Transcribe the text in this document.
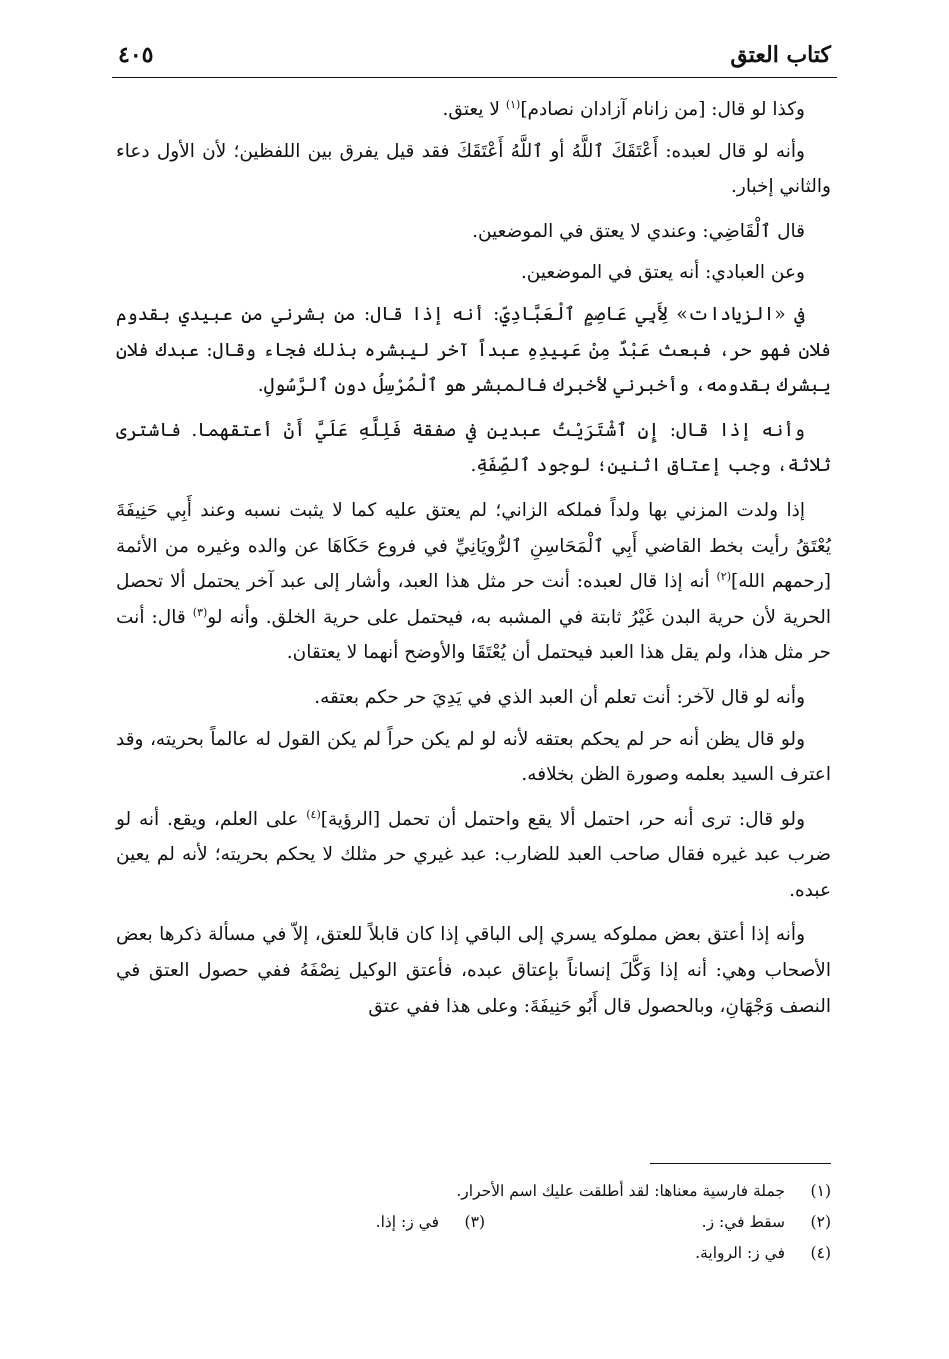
كتاب العتق
٤٠٥

وكذا لو قال: [من زانام آزادان نصادم]$^{(١)}$ لا يعتق.

وأنه لو قال لعبده: أَعْتَقَكَ ٱللَّهُ أو ٱللَّهُ أَعْتَقَكَ فقد قيل يفرق بين اللفظين؛ لأن الأول دعاء والثاني إخبار.

قال ٱلْقَاضِي: وعندي لا يعتق في الموضعين.

وعن العبادي: أنه يعتق في الموضعين.

في «الزيادات» لِأَبِي عَاصِمٍ ٱلْعَبَّادِيِّ: أنه إذا قال: من بشرني من عبيدي بقدوم فلان فهو حر، فبعث عَبْدٌ مِنْ عَبِيدِهِ عبداً آخر ليبشره بذلك فجاء وقال: عبدك فلان يبشرك بقدومه، وأخبرني لأخبرك فالمبشر هو ٱلْمُرْسِلُ دون ٱلرَّسُولِ.

وأنه إذا قال: إِنِ ٱشْتَرَيْتُ عبدين في صفقة فَلِلَّهِ عَلَيَّ أَنْ أعتقهما. فاشترى ثلاثة، وجب إعتاق اثنين؛ لوجود ٱلصِّفَةِ.

إذا ولدت المزني بها ولداً فملكه الزاني؛ لم يعتق عليه كما لا يثبت نسبه وعند أَبِي حَنِيفَةَ يُعْتَقُ رأيت بخط القاضي أَبِي ٱلْمَحَاسِنِ ٱلرُّويَانِيِّ في فروع حَكَاهَا عن والده وغيره من الأئمة [رحمهم الله]$^{(٢)}$ أنه إذا قال لعبده: أنت حر مثل هذا العبد، وأشار إلى عبد آخر يحتمل ألا تحصل الحرية لأن حرية البدن غَيْرُ ثابتة في المشبه به، فيحتمل على حرية الخلق. وأنه لو$^{(٣)}$ قال: أنت حر مثل هذا، ولم يقل هذا العبد فيحتمل أن يُعْتَقَا والأوضح أنهما لا يعتقان.

وأنه لو قال لآخر: أنت تعلم أن العبد الذي في يَدِيَ حر حكم بعتقه.

ولو قال يظن أنه حر لم يحكم بعتقه لأنه لو لم يكن حراً لم يكن القول له عالماً بحريته، وقد اعترف السيد بعلمه وصورة الظن بخلافه.

ولو قال: ترى أنه حر، احتمل ألا يقع واحتمل أن تحمل [الرؤية]$^{(٤)}$ على العلم، ويقع. أنه لو ضرب عبد غيره فقال صاحب العبد للضارب: عبد غيري حر مثلك لا يحكم بحريته؛ لأنه لم يعين عبده.

وأنه إذا أعتق بعض مملوكه يسري إلى الباقي إذا كان قابلاً للعتق، إلاّ في مسألة ذكرها بعض الأصحاب وهي: أنه إذا وَكَّلَ إنساناً بإعتاق عبده، فأعتق الوكيل نِصْفَهُ ففي حصول العتق في النصف وَجْهَانِ، وبالحصول قال أَبُو حَنِيفَةَ: وعلى هذا ففي عتق

(١)
جملة فارسية معناها: لقد أطلقت عليك اسم الأحرار.
(٢)
سقط في: ز.
(٣)
في ز: إذا.
(٤)
في ز: الرواية.
